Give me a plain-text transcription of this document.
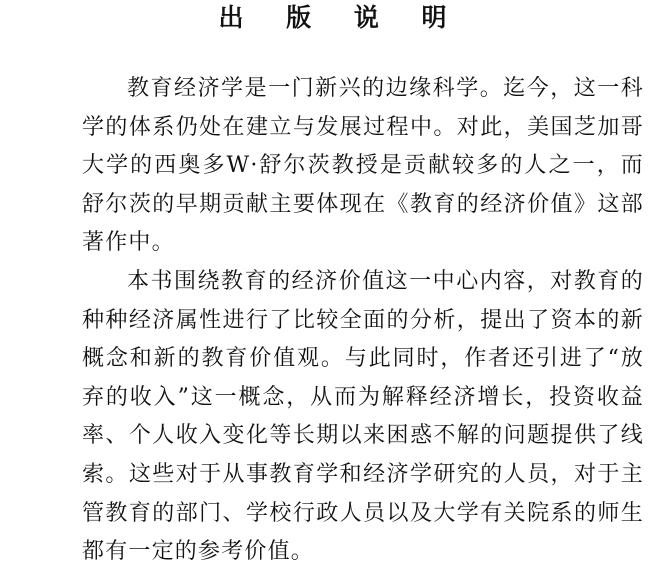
出 版 说 明

教育经济学是一门新兴的边缘科学。迄今，这一科学的体系仍处在建立与发展过程中。对此，美国芝加哥大学的西奥多W·舒尔茨教授是贡献较多的人之一，而舒尔茨的早期贡献主要体现在《教育的经济价值》这部著作中。

本书围绕教育的经济价值这一中心内容，对教育的种种经济属性进行了比较全面的分析，提出了资本的新概念和新的教育价值观。与此同时，作者还引进了“放弃的收入”这一概念，从而为解释经济增长，投资收益率、个人收入变化等长期以来困惑不解的问题提供了线索。这些对于从事教育学和经济学研究的人员，对于主管教育的部门、学校行政人员以及大学有关院系的师生都有一定的参考价值。
